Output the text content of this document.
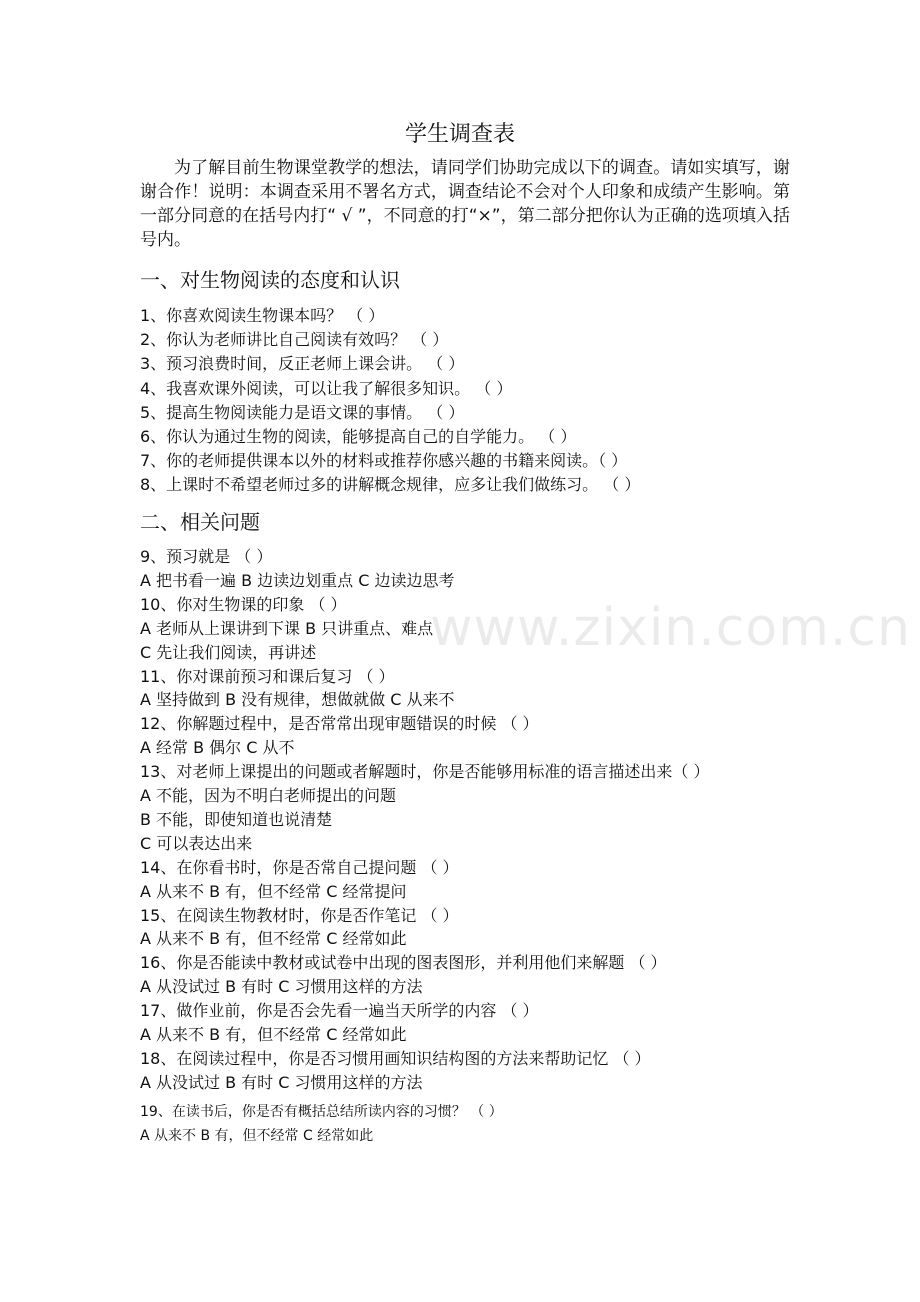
www.zixin.com.cn
学生调查表
为了解目前生物课堂教学的想法，请同学们协助完成以下的调查。请如实填写，谢谢合作！说明：本调查采用不署名方式，调查结论不会对个人印象和成绩产生影响。第一部分同意的在括号内打“ √ ”，不同意的打“×”，第二部分把你认为正确的选项填入括号内。
一、对生物阅读的态度和认识
1、你喜欢阅读生物课本吗？ （ ）
2、你认为老师讲比自己阅读有效吗？ （ ）
3、预习浪费时间，反正老师上课会讲。 （ ）
4、我喜欢课外阅读，可以让我了解很多知识。 （ ）
5、提高生物阅读能力是语文课的事情。 （ ）
6、你认为通过生物的阅读，能够提高自己的自学能力。 （ ）
7、你的老师提供课本以外的材料或推荐你感兴趣的书籍来阅读。（ ）
8、上课时不希望老师过多的讲解概念规律，应多让我们做练习。 （ ）
二、相关问题
9、预习就是 （ ）
A 把书看一遍 B 边读边划重点 C 边读边思考
10、你对生物课的印象 （ ）
A 老师从上课讲到下课 B 只讲重点、难点
C 先让我们阅读，再讲述
11、你对课前预习和课后复习 （ ）
A 坚持做到 B 没有规律，想做就做 C 从来不
12、你解题过程中，是否常常出现审题错误的时候 （ ）
A 经常 B 偶尔 C 从不
13、对老师上课提出的问题或者解题时，你是否能够用标准的语言描述出来（ ）
A 不能，因为不明白老师提出的问题
B 不能，即使知道也说清楚
C 可以表达出来
14、在你看书时，你是否常自己提问题 （ ）
A 从来不 B 有，但不经常 C 经常提问
15、在阅读生物教材时，你是否作笔记 （ ）
A 从来不 B 有，但不经常 C 经常如此
16、你是否能读中教材或试卷中出现的图表图形，并利用他们来解题 （ ）
A 从没试过 B 有时 C 习惯用这样的方法
17、做作业前，你是否会先看一遍当天所学的内容 （ ）
A 从来不 B 有，但不经常 C 经常如此
18、在阅读过程中，你是否习惯用画知识结构图的方法来帮助记忆 （ ）
A 从没试过 B 有时 C 习惯用这样的方法
19、在读书后，你是否有概括总结所读内容的习惯？ （ ）
A 从来不 B 有，但不经常 C 经常如此
